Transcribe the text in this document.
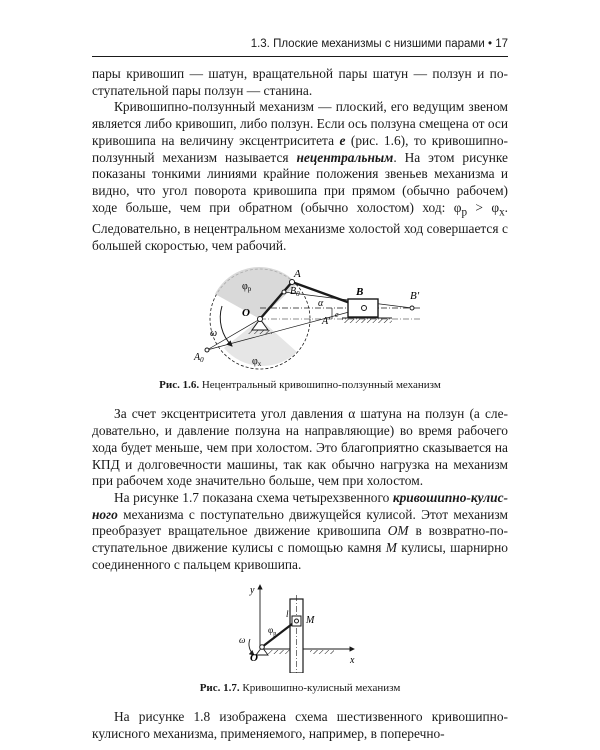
1.3. Плоские механизмы с низшими парами • 17

пары кривошип — шатун, вращательной пары шатун — ползун и поступательной пары ползун — станина.

Кривошипно-ползунный механизм — плоский, его ведущим звеном является либо кривошип, либо ползун. Если ось ползуна смещена от оси кривошипа на величину эксцентриситета e (рис. 1.6), то кривошипно-ползунный механизм называется нецентральным. На этом рисунке показаны тонкими линиями крайние положения звеньев механизма и видно, что угол поворота кривошипа при прямом (обычно рабочем) ходе больше, чем при обратном (обычно холостом) ход: $\varphi_р > \varphi_х$. Следовательно, в нецентральном механизме холостой ход совершается с большей скоростью, чем рабочий.

A
B	B′
$B_0$
O
A′
α
e
$A_0$
ω
$\varphi_р$
$\varphi_х$
Рис. 1.6. Нецентральный кривошипно-ползунный механизм

За счет эксцентриситета угол давления α шатуна на ползун (а следовательно, и давление ползуна на направляющие) во время рабочего хода будет меньше, чем при холостом. Это благоприятно сказывается на КПД и долговечности машины, так как обычно нагрузка на механизм при рабочем ходе значительно больше, чем при холостом.

На рисунке 1.7 показана схема четырехзвенного кривошипно-кулисного механизма с поступательно движущейся кулисой. Этот механизм преобразует вращательное движение кривошипа OM в возвратно-поступательное движение кулисы с помощью камня M кулисы, шарнирно соединенного с пальцем кривошипа.

y
x
O
M
l
ω
$\varphi_р$
Рис. 1.7. Кривошипно-кулисный механизм

На рисунке 1.8 изображена схема шестизвенного кривошипно-кулисного механизма, применяемого, например, в поперечно-
